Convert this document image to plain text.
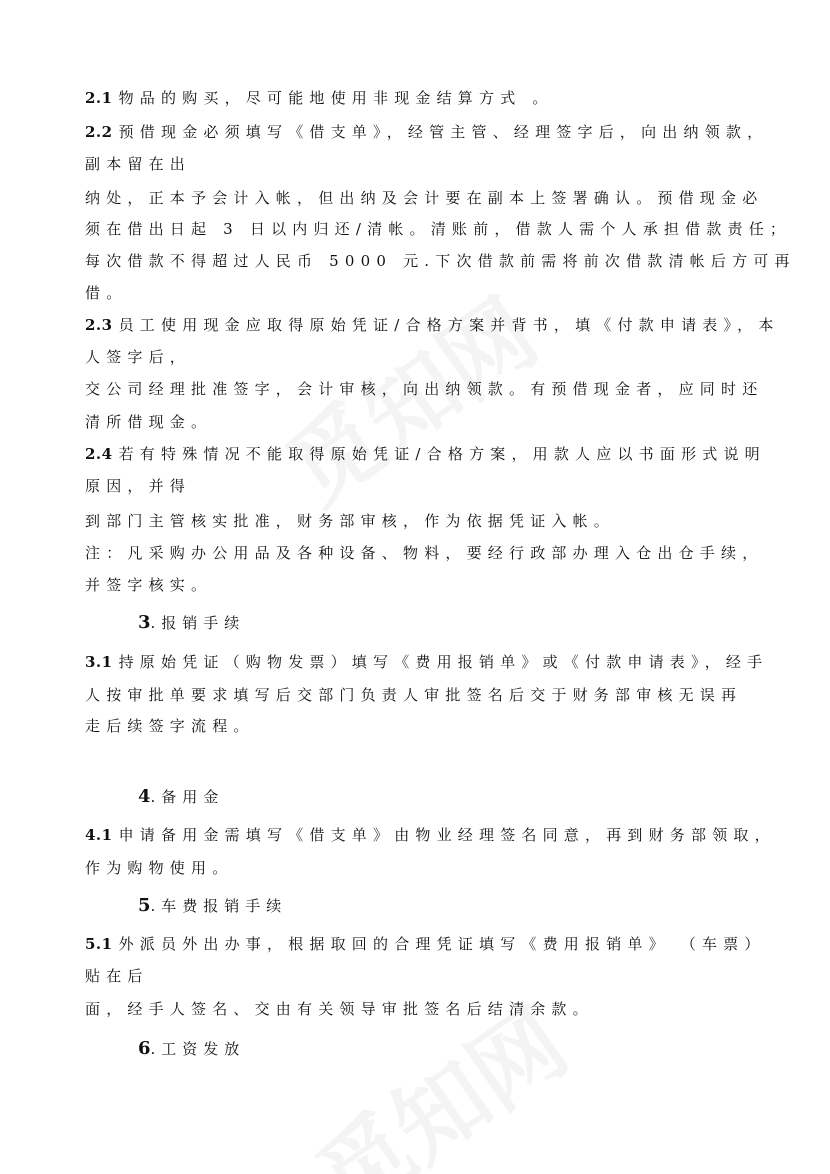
2.1 物品的购买，尽可能地使用非现金结算方式 。
2.2 预借现金必须填写《借支单》，经管主管、经理签字后，向出纳领款，
副本留在出
纳处，正本予会计入帐，但出纳及会计要在副本上签署确认。预借现金必
须在借出日起 3 日以内归还/清帐。清账前，借款人需个人承担借款责任；
每次借款不得超过人民币 5000 元.下次借款前需将前次借款清帐后方可再
借。
2.3 员工使用现金应取得原始凭证/合格方案并背书，填《付款申请表》，本
人签字后，
交公司经理批准签字，会计审核，向出纳领款。有预借现金者，应同时还
清所借现金。
2.4 若有特殊情况不能取得原始凭证/合格方案，用款人应以书面形式说明
原因，并得
到部门主管核实批准，财务部审核，作为依据凭证入帐。
注：凡采购办公用品及各种设备、物料，要经行政部办理入仓出仓手续，
并签字核实。
3.报销手续
3.1 持原始凭证（购物发票）填写《费用报销单》或《付款申请表》，经手
人按审批单要求填写后交部门负责人审批签名后交于财务部审核无误再
走后续签字流程。
4.备用金
4.1 申请备用金需填写《借支单》由物业经理签名同意，再到财务部领取，
作为购物使用。
5.车费报销手续
5.1 外派员外出办事，根据取回的合理凭证填写《费用报销单》 （车票）
贴在后
面，经手人签名、交由有关领导审批签名后结清余款。
6.工资发放
